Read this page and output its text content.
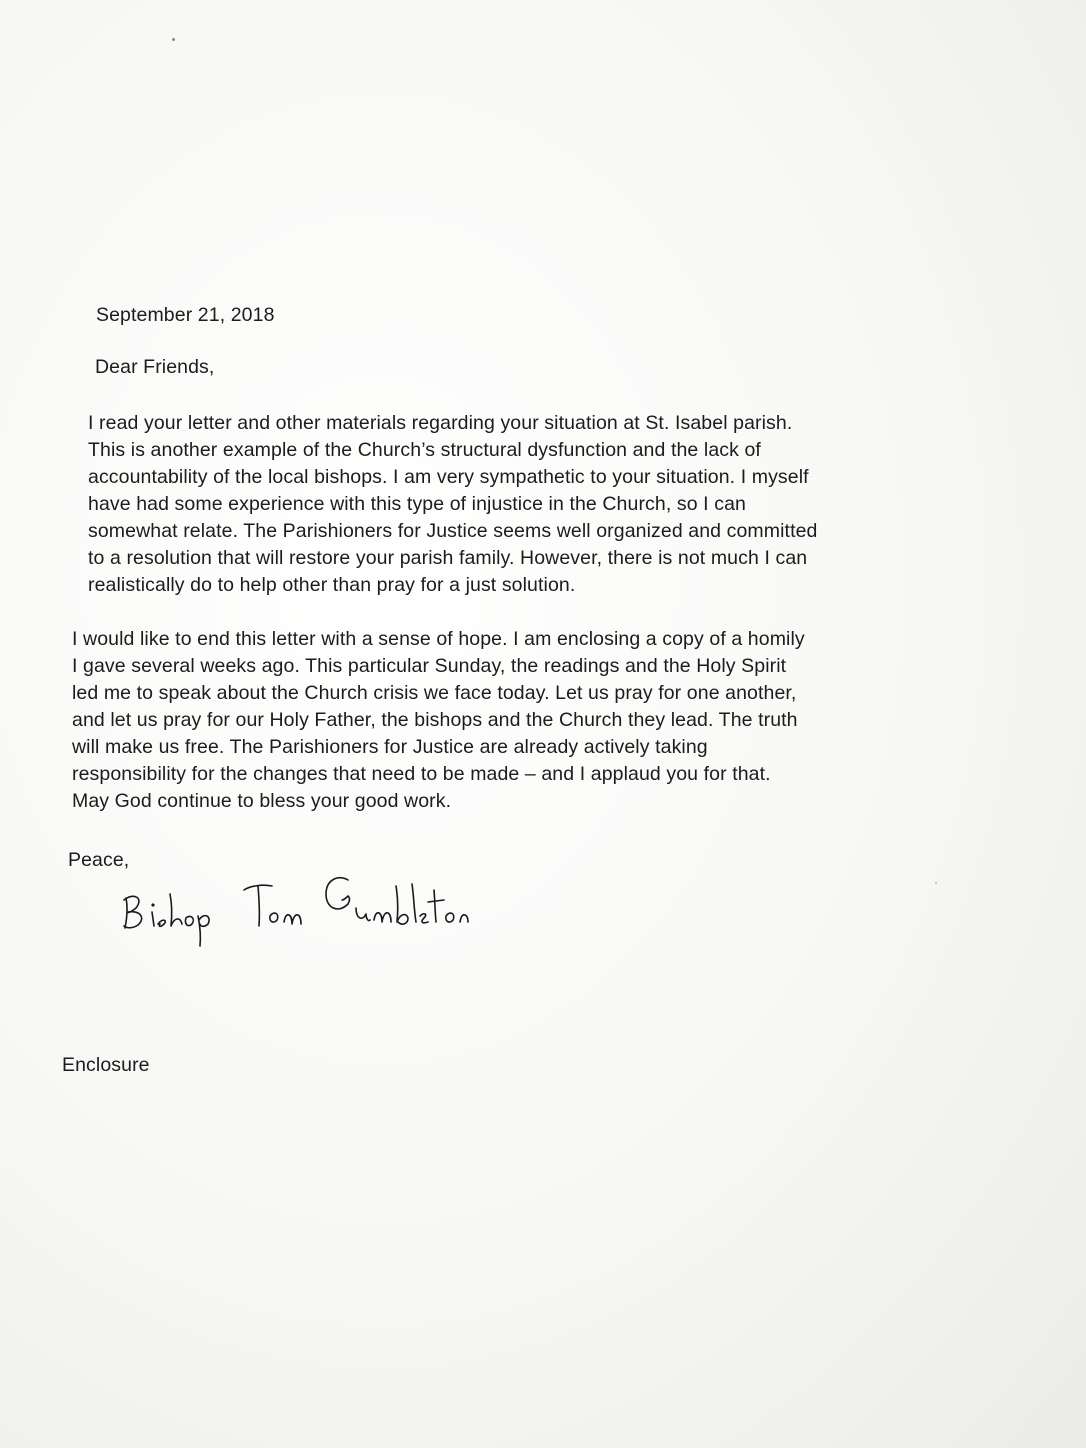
September 21, 2018

Dear Friends,

I read your letter and other materials regarding your situation at St. Isabel parish.
This is another example of the Church’s structural dysfunction and the lack of
accountability of the local bishops. I am very sympathetic to your situation. I myself
have had some experience with this type of injustice in the Church, so I can
somewhat relate. The Parishioners for Justice seems well organized and committed
to a resolution that will restore your parish family. However, there is not much I can
realistically do to help other than pray for a just solution.
I would like to end this letter with a sense of hope. I am enclosing a copy of a homily
I gave several weeks ago. This particular Sunday, the readings and the Holy Spirit
led me to speak about the Church crisis we face today. Let us pray for one another,
and let us pray for our Holy Father, the bishops and the Church they lead. The truth
will make us free. The Parishioners for Justice are already actively taking
responsibility for the changes that need to be made – and I applaud you for that.
May God continue to bless your good work.

Peace,

Enclosure
